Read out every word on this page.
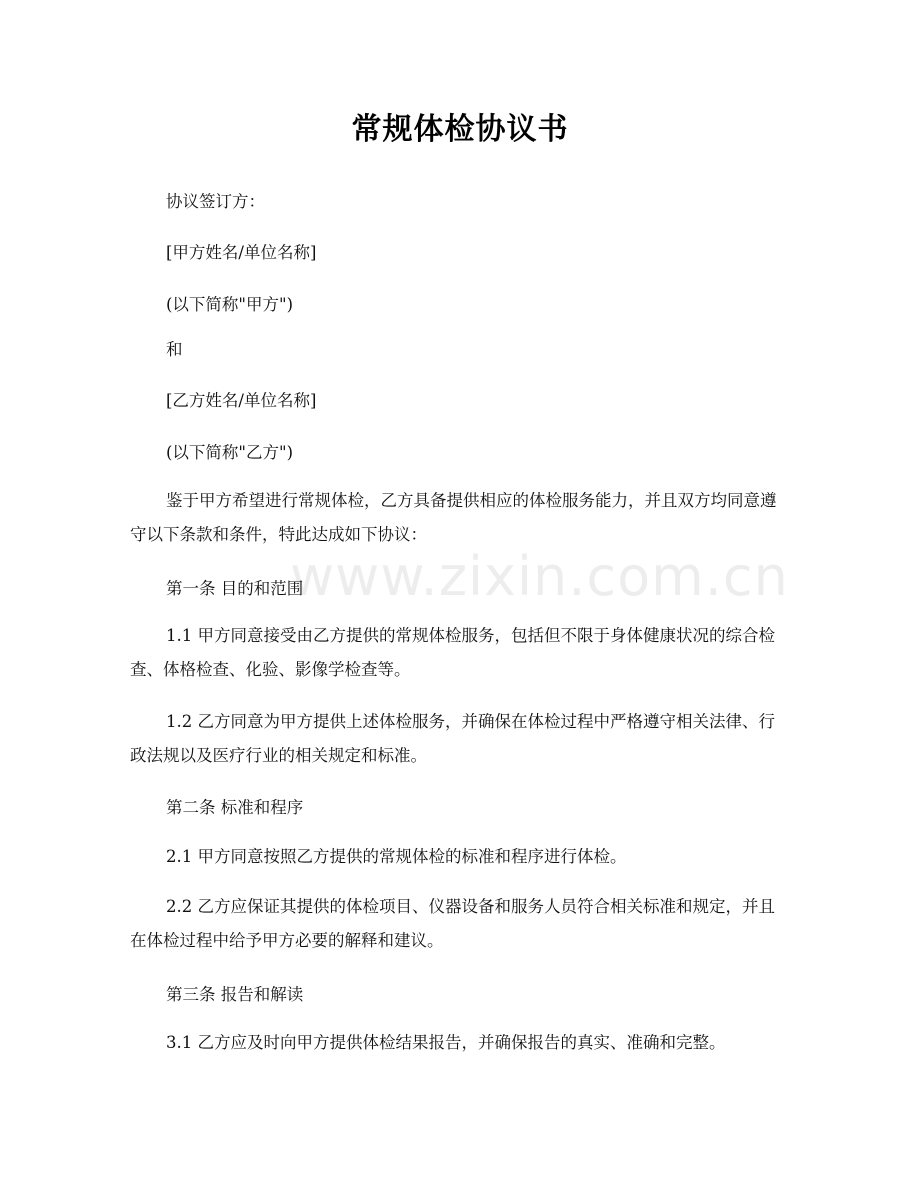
常规体检协议书
协议签订方：
[甲方姓名/单位名称]
(以下简称"甲方")
和
[乙方姓名/单位名称]
(以下简称"乙方")
鉴于甲方希望进行常规体检，乙方具备提供相应的体检服务能力，并且双方均同意遵守以下条款和条件，特此达成如下协议：
第一条 目的和范围
1.1 甲方同意接受由乙方提供的常规体检服务，包括但不限于身体健康状况的综合检查、体格检查、化验、影像学检查等。
1.2 乙方同意为甲方提供上述体检服务，并确保在体检过程中严格遵守相关法律、行政法规以及医疗行业的相关规定和标准。
第二条 标准和程序
2.1 甲方同意按照乙方提供的常规体检的标准和程序进行体检。
2.2 乙方应保证其提供的体检项目、仪器设备和服务人员符合相关标准和规定，并且在体检过程中给予甲方必要的解释和建议。
第三条 报告和解读
3.1 乙方应及时向甲方提供体检结果报告，并确保报告的真实、准确和完整。
www.zixin.com.cn
